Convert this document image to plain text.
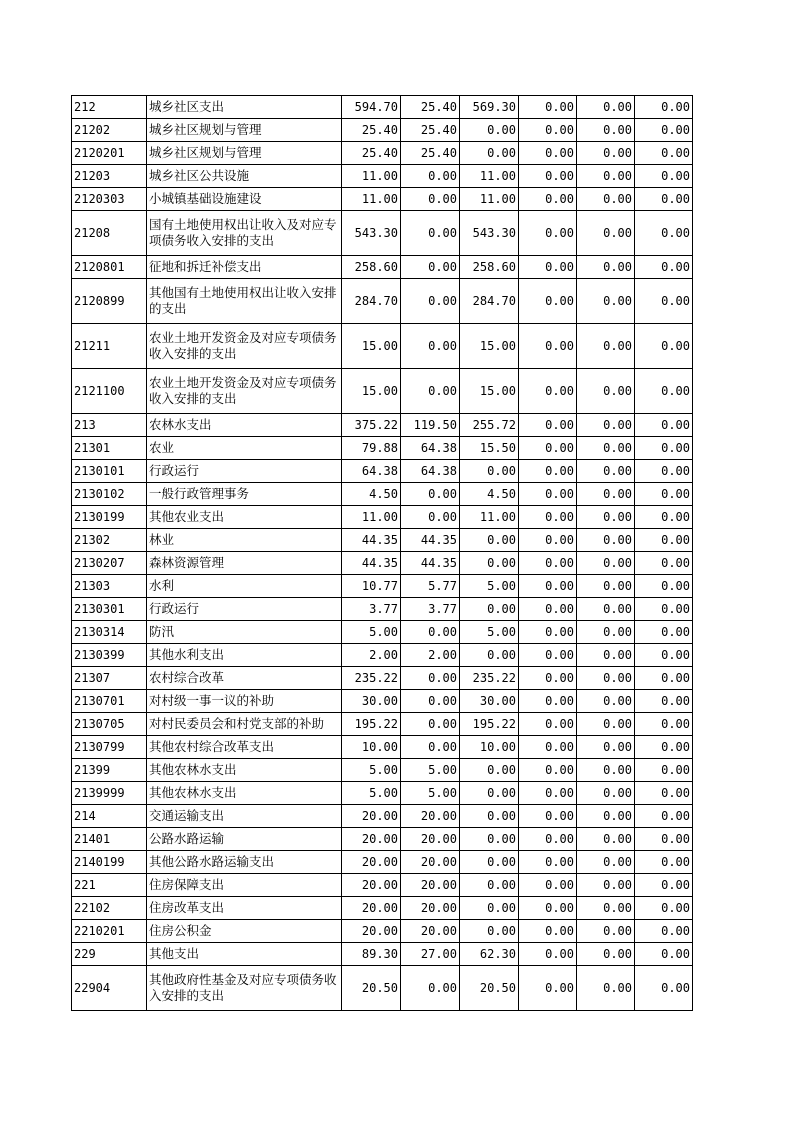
212	城乡社区支出	594.70	25.40	569.30	0.00	0.00	0.00
21202	城乡社区规划与管理	25.40	25.40	0.00	0.00	0.00	0.00
2120201	城乡社区规划与管理	25.40	25.40	0.00	0.00	0.00	0.00
21203	城乡社区公共设施	11.00	0.00	11.00	0.00	0.00	0.00
2120303	小城镇基础设施建设	11.00	0.00	11.00	0.00	0.00	0.00
21208	国有土地使用权出让收入及对应专项债务收入安排的支出	543.30	0.00	543.30	0.00	0.00	0.00
2120801	征地和拆迁补偿支出	258.60	0.00	258.60	0.00	0.00	0.00
2120899	其他国有土地使用权出让收入安排的支出	284.70	0.00	284.70	0.00	0.00	0.00
21211	农业土地开发资金及对应专项债务收入安排的支出	15.00	0.00	15.00	0.00	0.00	0.00
2121100	农业土地开发资金及对应专项债务收入安排的支出	15.00	0.00	15.00	0.00	0.00	0.00
213	农林水支出	375.22	119.50	255.72	0.00	0.00	0.00
21301	农业	79.88	64.38	15.50	0.00	0.00	0.00
2130101	行政运行	64.38	64.38	0.00	0.00	0.00	0.00
2130102	一般行政管理事务	4.50	0.00	4.50	0.00	0.00	0.00
2130199	其他农业支出	11.00	0.00	11.00	0.00	0.00	0.00
21302	林业	44.35	44.35	0.00	0.00	0.00	0.00
2130207	森林资源管理	44.35	44.35	0.00	0.00	0.00	0.00
21303	水利	10.77	5.77	5.00	0.00	0.00	0.00
2130301	行政运行	3.77	3.77	0.00	0.00	0.00	0.00
2130314	防汛	5.00	0.00	5.00	0.00	0.00	0.00
2130399	其他水利支出	2.00	2.00	0.00	0.00	0.00	0.00
21307	农村综合改革	235.22	0.00	235.22	0.00	0.00	0.00
2130701	对村级一事一议的补助	30.00	0.00	30.00	0.00	0.00	0.00
2130705	对村民委员会和村党支部的补助	195.22	0.00	195.22	0.00	0.00	0.00
2130799	其他农村综合改革支出	10.00	0.00	10.00	0.00	0.00	0.00
21399	其他农林水支出	5.00	5.00	0.00	0.00	0.00	0.00
2139999	其他农林水支出	5.00	5.00	0.00	0.00	0.00	0.00
214	交通运输支出	20.00	20.00	0.00	0.00	0.00	0.00
21401	公路水路运输	20.00	20.00	0.00	0.00	0.00	0.00
2140199	其他公路水路运输支出	20.00	20.00	0.00	0.00	0.00	0.00
221	住房保障支出	20.00	20.00	0.00	0.00	0.00	0.00
22102	住房改革支出	20.00	20.00	0.00	0.00	0.00	0.00
2210201	住房公积金	20.00	20.00	0.00	0.00	0.00	0.00
229	其他支出	89.30	27.00	62.30	0.00	0.00	0.00
22904	其他政府性基金及对应专项债务收入安排的支出	20.50	0.00	20.50	0.00	0.00	0.00
